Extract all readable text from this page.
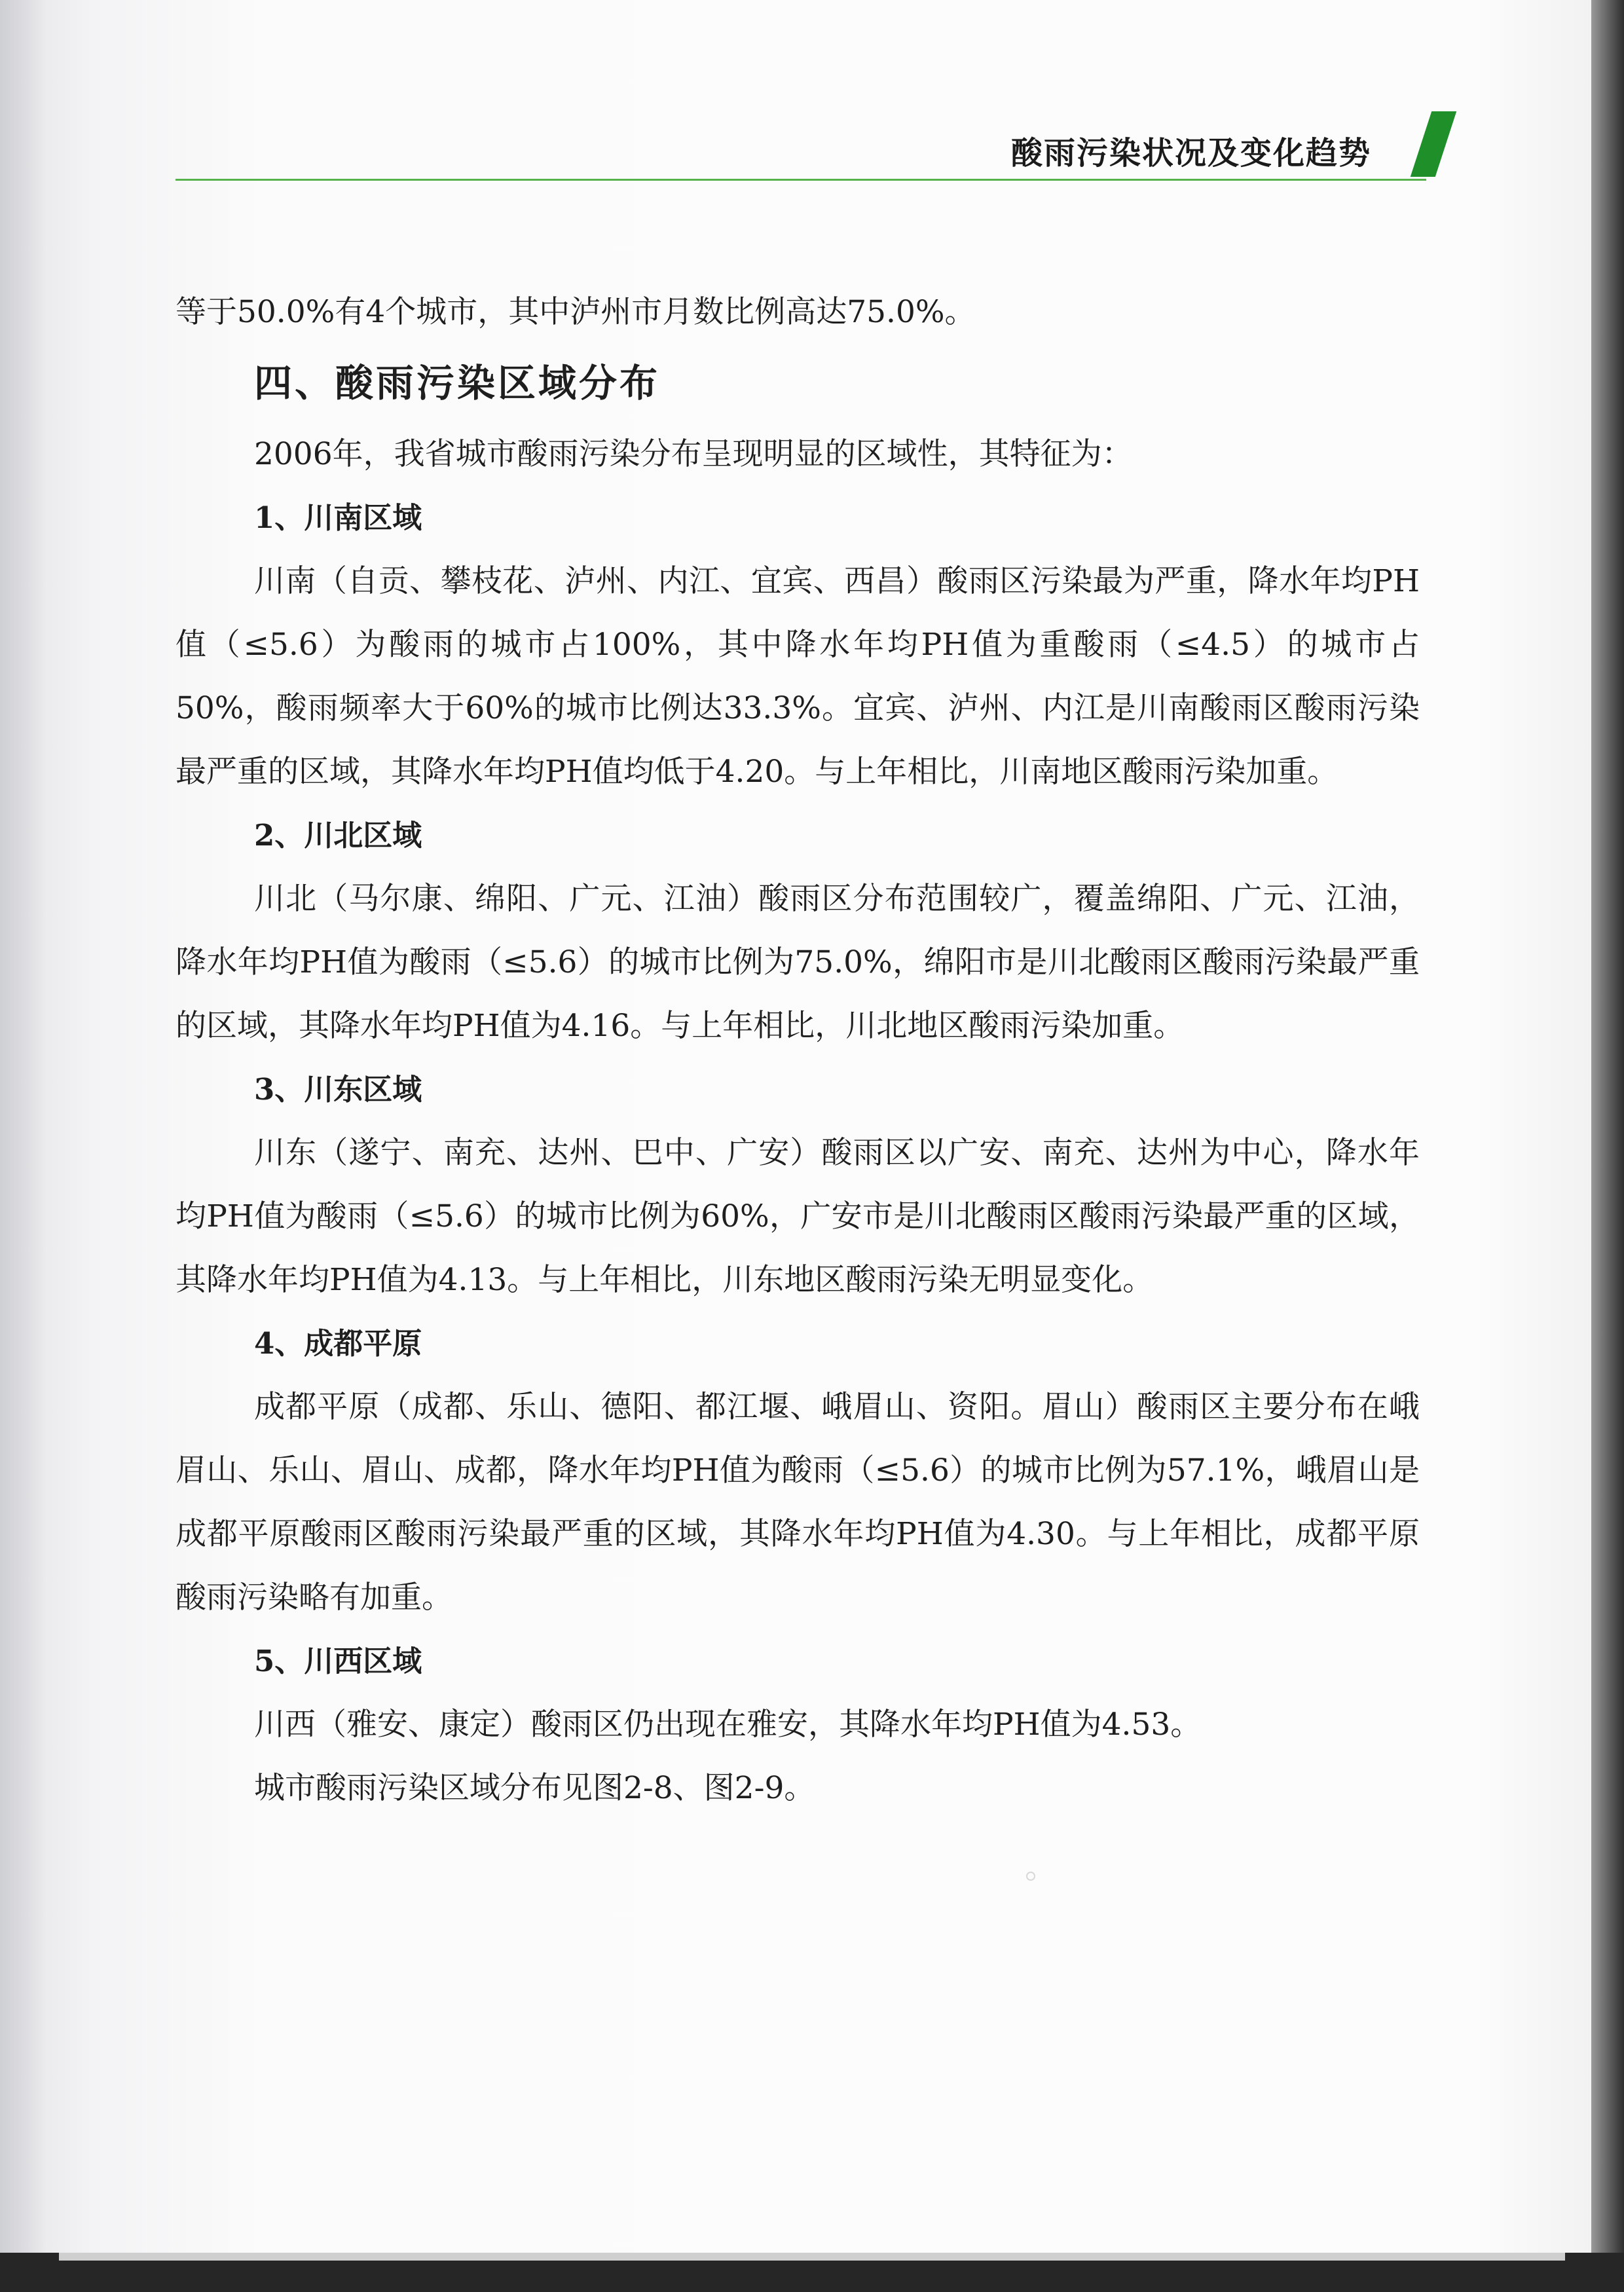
酸雨污染状况及变化趋势

等于50.0%有4个城市，其中泸州市月数比例高达75.0%。

四、酸雨污染区域分布

2006年，我省城市酸雨污染分布呈现明显的区域性，其特征为：

1、川南区域

川南（自贡、攀枝花、泸州、内江、宜宾、西昌）酸雨区污染最为严重，降水年均PH值（≤5.6）为酸雨的城市占100%，其中降水年均PH值为重酸雨（≤4.5）的城市占50%，酸雨频率大于60%的城市比例达33.3%。宜宾、泸州、内江是川南酸雨区酸雨污染最严重的区域，其降水年均PH值均低于4.20。与上年相比，川南地区酸雨污染加重。

2、川北区域

川北（马尔康、绵阳、广元、江油）酸雨区分布范围较广，覆盖绵阳、广元、江油，降水年均PH值为酸雨（≤5.6）的城市比例为75.0%，绵阳市是川北酸雨区酸雨污染最严重的区域，其降水年均PH值为4.16。与上年相比，川北地区酸雨污染加重。

3、川东区域

川东（遂宁、南充、达州、巴中、广安）酸雨区以广安、南充、达州为中心，降水年均PH值为酸雨（≤5.6）的城市比例为60%，广安市是川北酸雨区酸雨污染最严重的区域，其降水年均PH值为4.13。与上年相比，川东地区酸雨污染无明显变化。

4、成都平原

成都平原（成都、乐山、德阳、都江堰、峨眉山、资阳。眉山）酸雨区主要分布在峨眉山、乐山、眉山、成都，降水年均PH值为酸雨（≤5.6）的城市比例为57.1%，峨眉山是成都平原酸雨区酸雨污染最严重的区域，其降水年均PH值为4.30。与上年相比，成都平原酸雨污染略有加重。

5、川西区域

川西（雅安、康定）酸雨区仍出现在雅安，其降水年均PH值为4.53。

城市酸雨污染区域分布见图2-8、图2-9。
